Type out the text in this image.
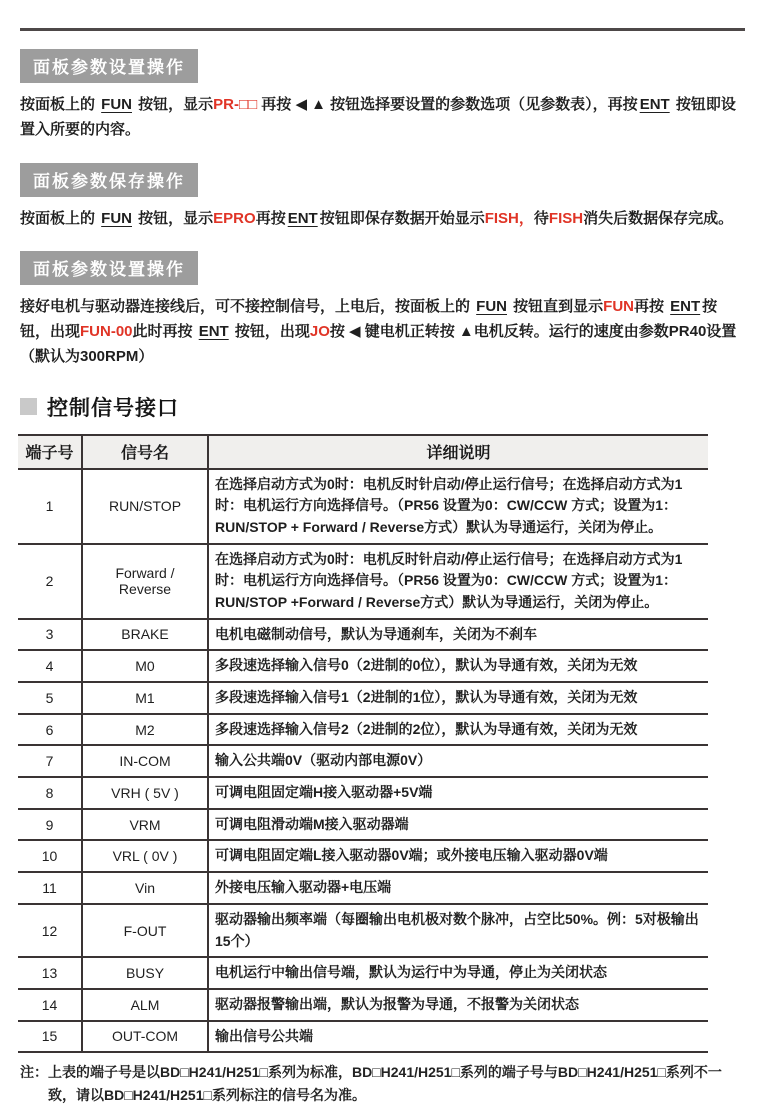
面板参数设置操作

按面板上的 FUN 按钮，显示PR-□□ 再按 ◀ ▲ 按钮选择要设置的参数选项（见参数表），再按 ENT 按钮即设置入所要的内容。

面板参数保存操作

按面板上的 FUN 按钮，显示EPRO再按 ENT 按钮即保存数据开始显示FISH，待FISH消失后数据保存完成。

面板参数设置操作

接好电机与驱动器连接线后，可不接控制信号，上电后，按面板上的 FUN 按钮直到显示FUN再按 ENT 按钮，出现FUN-00此时再按 ENT 按钮，出现JO按 ◀ 键电机正转按 ▲电机反转。运行的速度由参数PR40设置（默认为300RPM）

控制信号接口
端子号	信号名	详细说明
1	RUN/STOP	在选择启动方式为0时：电机反时针启动/停止运行信号；在选择启动方式为1时：电机运行方向选择信号。（PR56 设置为0：CW/CCW 方式；设置为1：RUN/STOP + Forward / Reverse方式）默认为导通运行，关闭为停止。
2	Forward / Reverse	在选择启动方式为0时：电机反时针启动/停止运行信号；在选择启动方式为1时：电机运行方向选择信号。（PR56 设置为0：CW/CCW 方式；设置为1：RUN/STOP +Forward / Reverse方式）默认为导通运行，关闭为停止。
3	BRAKE	电机电磁制动信号，默认为导通刹车，关闭为不刹车
4	M0	多段速选择输入信号0（2进制的0位），默认为导通有效，关闭为无效
5	M1	多段速选择输入信号1（2进制的1位），默认为导通有效，关闭为无效
6	M2	多段速选择输入信号2（2进制的2位），默认为导通有效，关闭为无效
7	IN-COM	输入公共端0V（驱动内部电源0V）
8	VRH ( 5V )	可调电阻固定端H接入驱动器+5V端
9	VRM	可调电阻滑动端M接入驱动器端
10	VRL ( 0V )	可调电阻固定端L接入驱动器0V端；或外接电压输入驱动器0V端
11	Vin	外接电压输入驱动器+电压端
12	F-OUT	驱动器输出频率端（每圈输出电机极对数个脉冲，占空比50%。例：5对极输出15个）
13	BUSY	电机运行中输出信号端，默认为运行中为导通，停止为关闭状态
14	ALM	驱动器报警输出端，默认为报警为导通，不报警为关闭状态
15	OUT-COM	输出信号公共端
注： 上表的端子号是以BD□H241/H251□系列为标准，BD□H241/H251□系列的端子号与BD□H241/H251□系列不一致，请以BD□H241/H251□系列标注的信号名为准。
